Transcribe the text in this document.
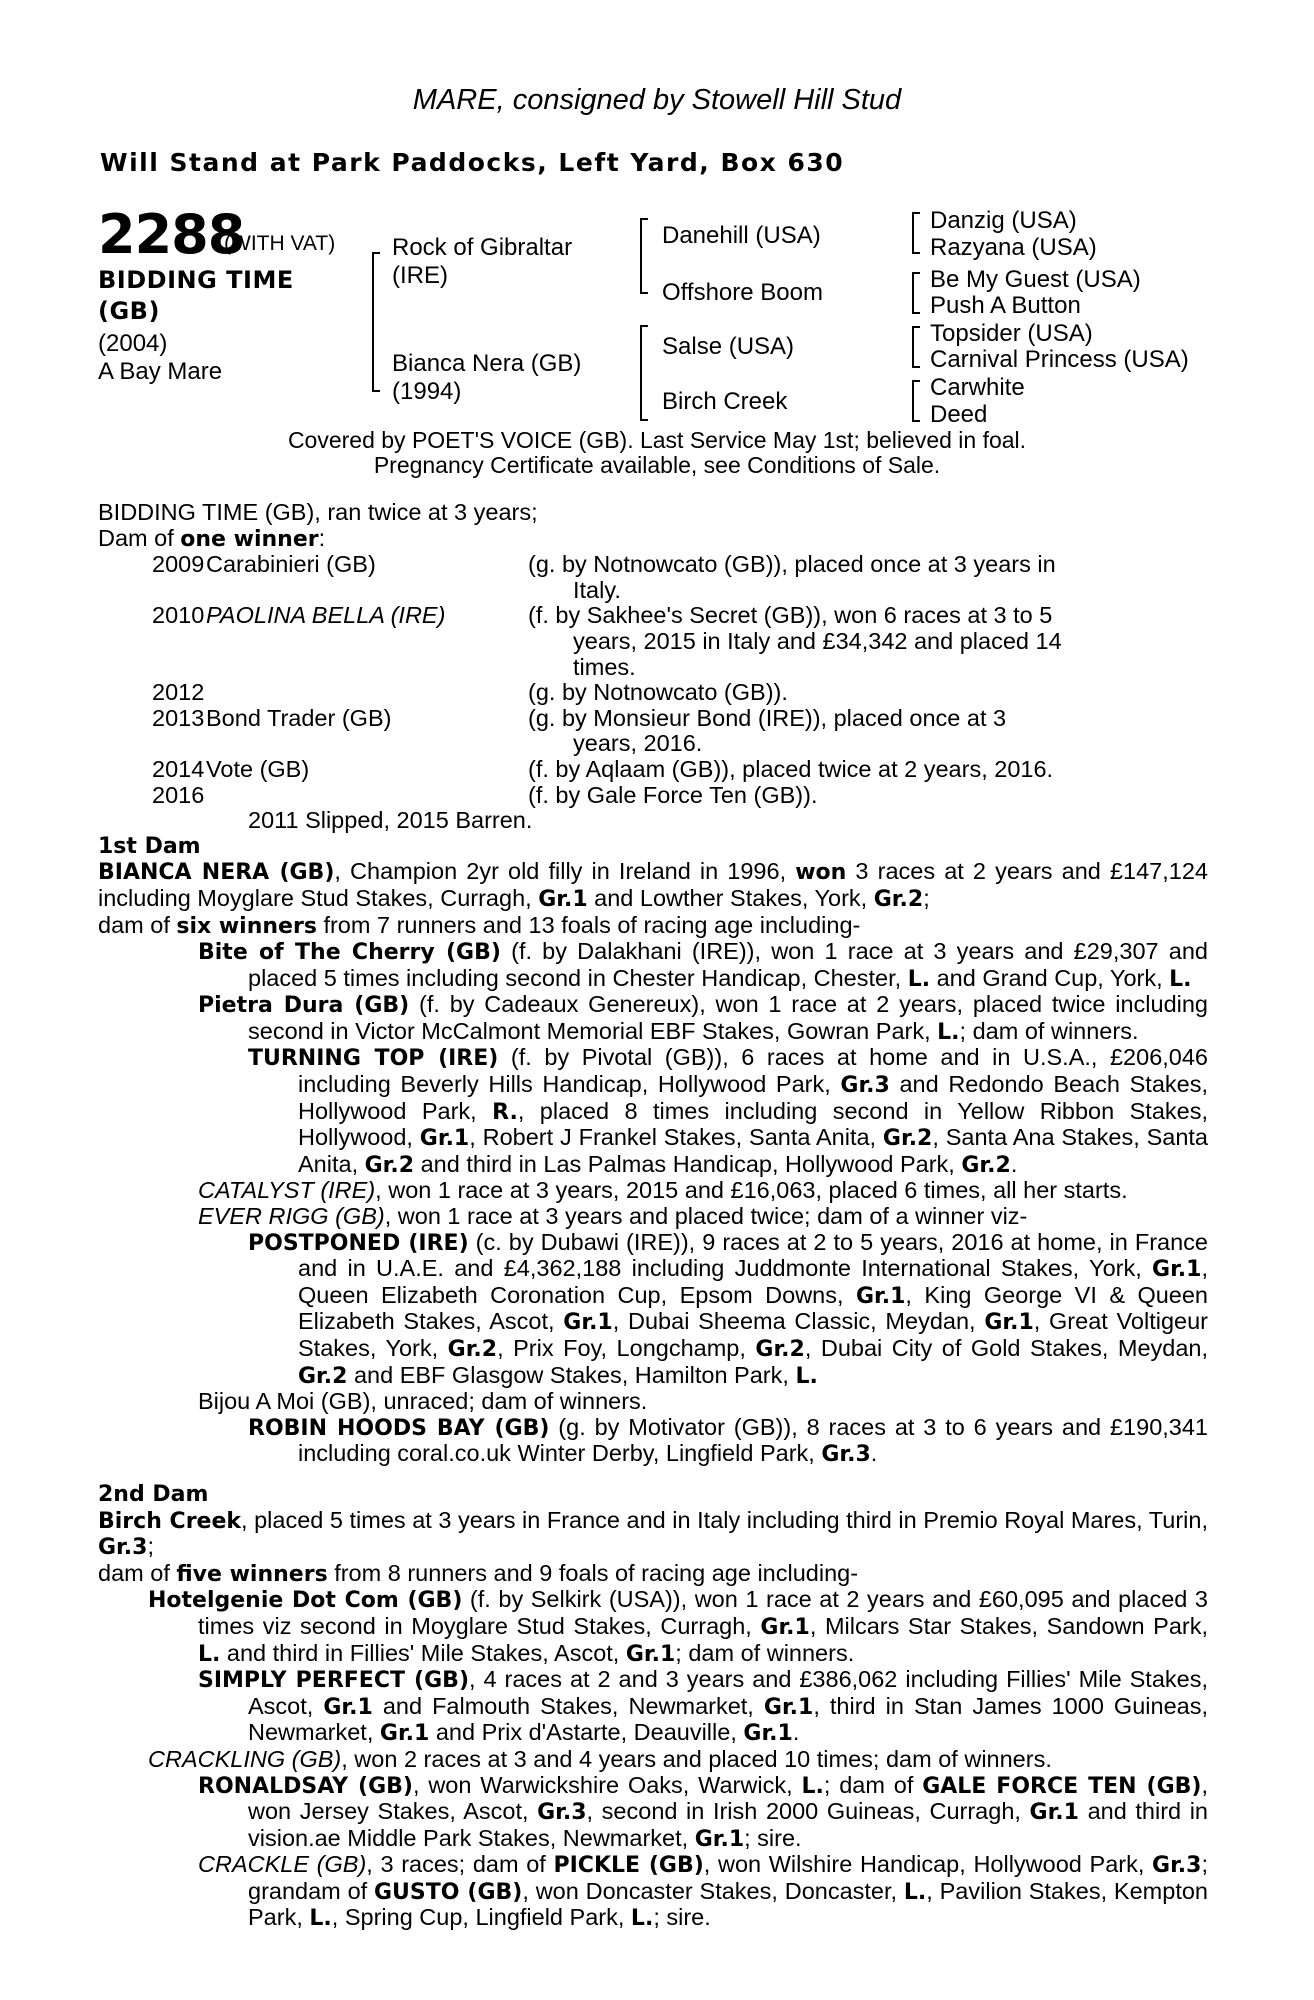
MARE, consigned by Stowell Hill Stud
Will Stand at Park Paddocks, Left Yard, Box 630
2288
(WITH VAT)
BIDDING TIME
(GB)
(2004)
A Bay Mare
Rock of Gibraltar
(IRE)
Bianca Nera (GB)
(1994)
Danehill (USA)
Offshore Boom
Salse (USA)
Birch Creek
Danzig (USA)
Razyana (USA)
Be My Guest (USA)
Push A Button
Topsider (USA)
Carnival Princess (USA)
Carwhite
Deed
Covered by POET'S VOICE (GB). Last Service May 1st; believed in foal.
Pregnancy Certificate available, see Conditions of Sale.

BIDDING TIME (GB), ran twice at 3 years;

Dam of one winner:

2009 Carabinieri (GB)	(g. by Notnowcato (GB)), placed once at 3 years in
Italy.
2010 PAOLINA BELLA (IRE)	(f. by Sakhee's Secret (GB)), won 6 races at 3 to 5
years, 2015 in Italy and £34,342 and placed 14
times.
2012	(g. by Notnowcato (GB)).
2013 Bond Trader (GB)	(g. by Monsieur Bond (IRE)), placed once at 3
years, 2016.
2014 Vote (GB)	(f. by Aqlaam (GB)), placed twice at 2 years, 2016.
2016	(f. by Gale Force Ten (GB)).

2011 Slipped, 2015 Barren.

1st Dam

BIANCA NERA (GB), Champion 2yr old filly in Ireland in 1996, won 3 races at 2 years and £147,124 including Moyglare Stud Stakes, Curragh, Gr.1 and Lowther Stakes, York, Gr.2;

dam of six winners from 7 runners and 13 foals of racing age including-

Bite of The Cherry (GB) (f. by Dalakhani (IRE)), won 1 race at 3 years and £29,307 and placed 5 times including second in Chester Handicap, Chester, L. and Grand Cup, York, L.

Pietra Dura (GB) (f. by Cadeaux Genereux), won 1 race at 2 years, placed twice including second in Victor McCalmont Memorial EBF Stakes, Gowran Park, L.; dam of winners.

TURNING TOP (IRE) (f. by Pivotal (GB)), 6 races at home and in U.S.A., £206,046 including Beverly Hills Handicap, Hollywood Park, Gr.3 and Redondo Beach Stakes, Hollywood Park, R., placed 8 times including second in Yellow Ribbon Stakes, Hollywood, Gr.1, Robert J Frankel Stakes, Santa Anita, Gr.2, Santa Ana Stakes, Santa Anita, Gr.2 and third in Las Palmas Handicap, Hollywood Park, Gr.2.

CATALYST (IRE), won 1 race at 3 years, 2015 and £16,063, placed 6 times, all her starts.

EVER RIGG (GB), won 1 race at 3 years and placed twice; dam of a winner viz-

POSTPONED (IRE) (c. by Dubawi (IRE)), 9 races at 2 to 5 years, 2016 at home, in France and in U.A.E. and £4,362,188 including Juddmonte International Stakes, York, Gr.1, Queen Elizabeth Coronation Cup, Epsom Downs, Gr.1, King George VI & Queen Elizabeth Stakes, Ascot, Gr.1, Dubai Sheema Classic, Meydan, Gr.1, Great Voltigeur Stakes, York, Gr.2, Prix Foy, Longchamp, Gr.2, Dubai City of Gold Stakes, Meydan, Gr.2 and EBF Glasgow Stakes, Hamilton Park, L.

Bijou A Moi (GB), unraced; dam of winners.

ROBIN HOODS BAY (GB) (g. by Motivator (GB)), 8 races at 3 to 6 years and £190,341 including coral.co.uk Winter Derby, Lingfield Park, Gr.3.

2nd Dam

Birch Creek, placed 5 times at 3 years in France and in Italy including third in Premio Royal Mares, Turin, Gr.3;

dam of five winners from 8 runners and 9 foals of racing age including-

Hotelgenie Dot Com (GB) (f. by Selkirk (USA)), won 1 race at 2 years and £60,095 and placed 3 times viz second in Moyglare Stud Stakes, Curragh, Gr.1, Milcars Star Stakes, Sandown Park, L. and third in Fillies' Mile Stakes, Ascot, Gr.1; dam of winners.

SIMPLY PERFECT (GB), 4 races at 2 and 3 years and £386,062 including Fillies' Mile Stakes, Ascot, Gr.1 and Falmouth Stakes, Newmarket, Gr.1, third in Stan James 1000 Guineas, Newmarket, Gr.1 and Prix d'Astarte, Deauville, Gr.1.

CRACKLING (GB), won 2 races at 3 and 4 years and placed 10 times; dam of winners.

RONALDSAY (GB), won Warwickshire Oaks, Warwick, L.; dam of GALE FORCE TEN (GB), won Jersey Stakes, Ascot, Gr.3, second in Irish 2000 Guineas, Curragh, Gr.1 and third in vision.ae Middle Park Stakes, Newmarket, Gr.1; sire.

CRACKLE (GB), 3 races; dam of PICKLE (GB), won Wilshire Handicap, Hollywood Park, Gr.3; grandam of GUSTO (GB), won Doncaster Stakes, Doncaster, L., Pavilion Stakes, Kempton Park, L., Spring Cup, Lingfield Park, L.; sire.
